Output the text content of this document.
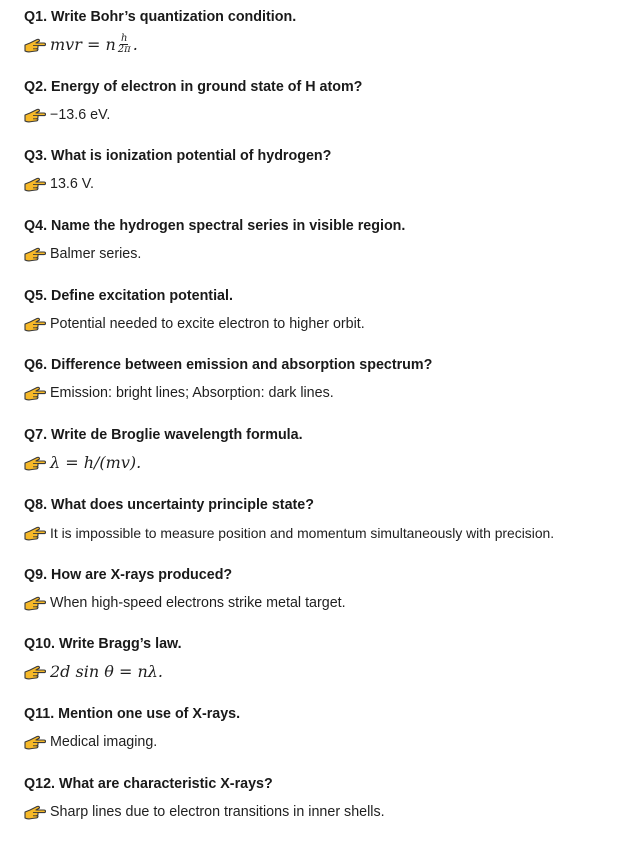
Q1. Write Bohr’s quantization condition.
mvr = n $\frac{h}{2\pi}$ .
Q2. Energy of electron in ground state of H atom?
−13.6 eV.
Q3. What is ionization potential of hydrogen?
13.6 V.
Q4. Name the hydrogen spectral series in visible region.
Balmer series.
Q5. Define excitation potential.
Potential needed to excite electron to higher orbit.
Q6. Difference between emission and absorption spectrum?
Emission: bright lines; Absorption: dark lines.
Q7. Write de Broglie wavelength formula.
λ = h/(mv).
Q8. What does uncertainty principle state?
It is impossible to measure position and momentum simultaneously with precision.
Q9. How are X-rays produced?
When high-speed electrons strike metal target.
Q10. Write Bragg’s law.
2d sin θ = nλ.
Q11. Mention one use of X-rays.
Medical imaging.
Q12. What are characteristic X-rays?
Sharp lines due to electron transitions in inner shells.
